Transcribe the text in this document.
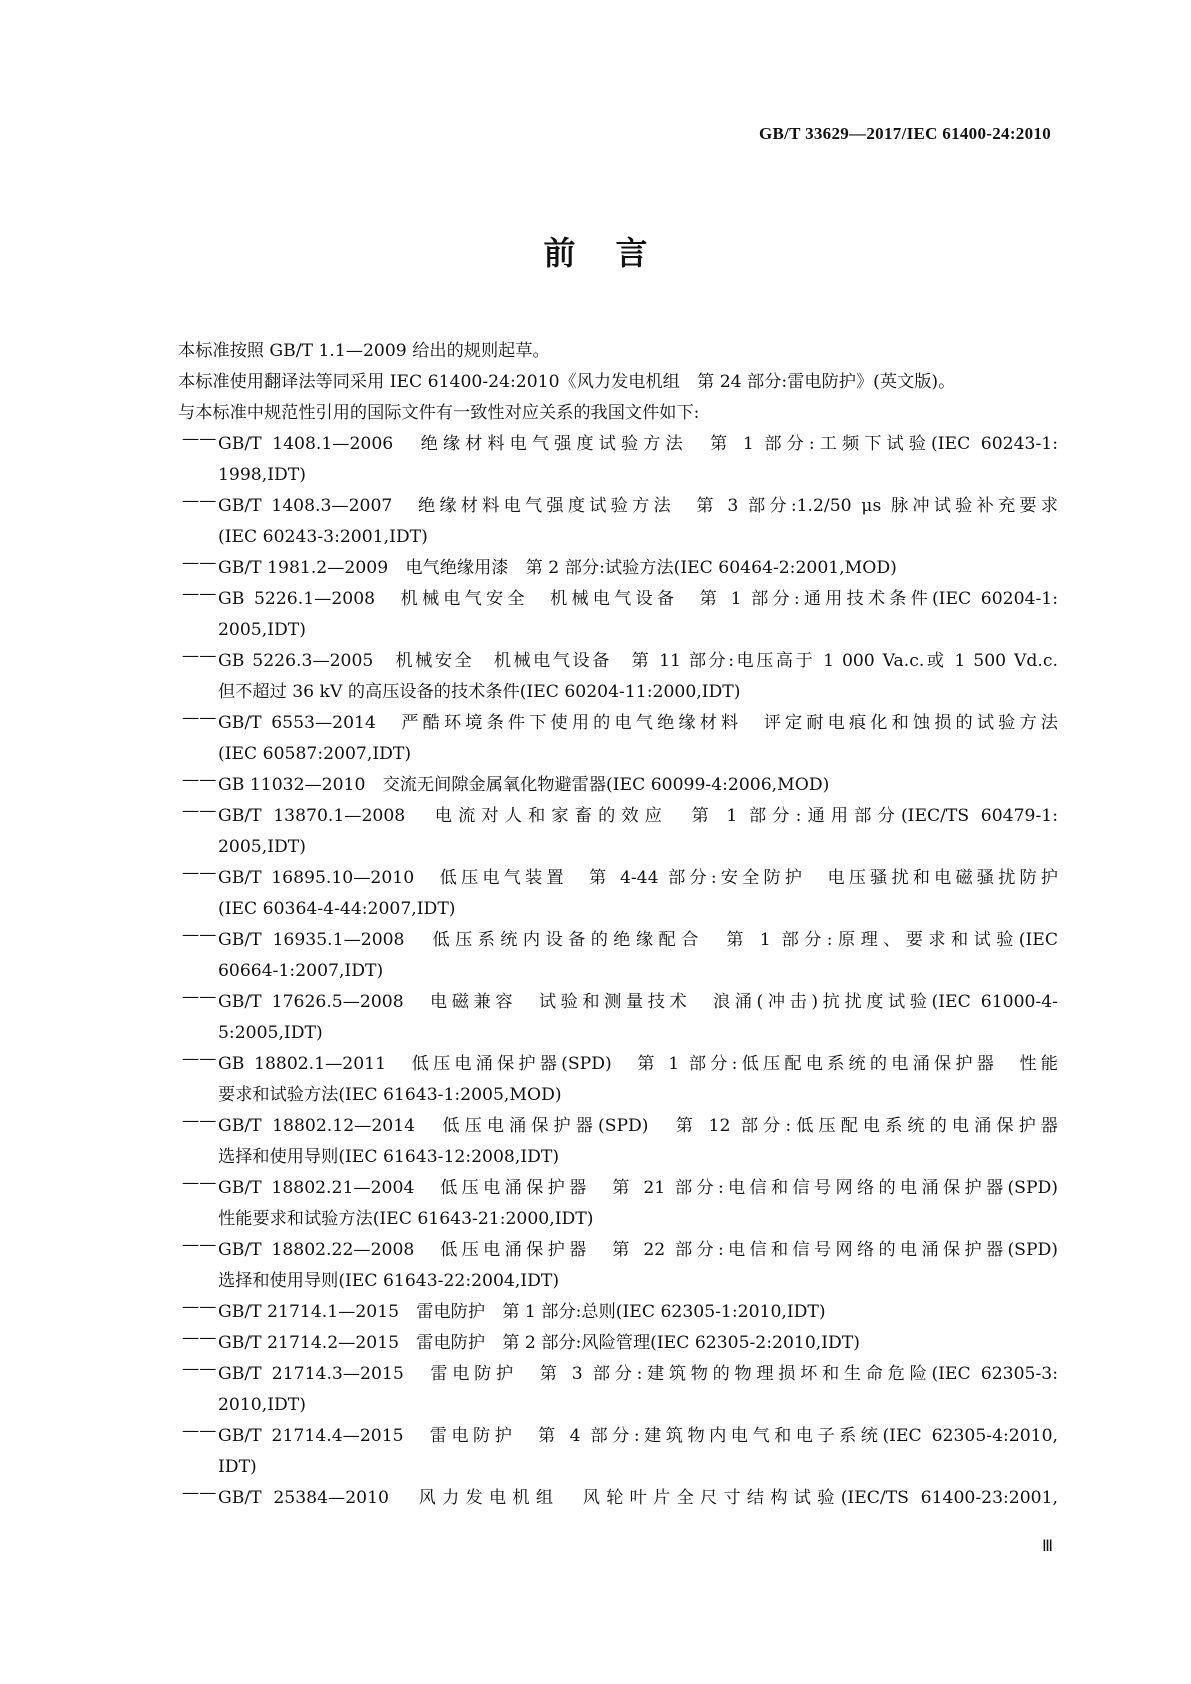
GB/T 33629—2017/IEC 61400-24:2010
前言
本标准按照 GB/T 1.1—2009 给出的规则起草。
本标准使用翻译法等同采用 IEC 61400-24:2010《风力发电机组　第 24 部分:雷电防护》(英文版)。
与本标准中规范性引用的国际文件有一致性对应关系的我国文件如下:
—— GB/T 1408.1—2006　绝缘材料电气强度试验方法　第 1 部分:工频下试验(IEC 60243-1:
1998,IDT)
—— GB/T 1408.3—2007　绝缘材料电气强度试验方法　第 3 部分:1.2/50 μs 脉冲试验补充要求
(IEC 60243-3:2001,IDT)
—— GB/T 1981.2—2009　电气绝缘用漆　第 2 部分:试验方法(IEC 60464-2:2001,MOD)
—— GB 5226.1—2008　机械电气安全　机械电气设备　第 1 部分:通用技术条件(IEC 60204-1:
2005,IDT)
—— GB 5226.3—2005　机械安全　机械电气设备　第 11 部分:电压高于 1 000 Va.c.或 1 500 Vd.c.
但不超过 36 kV 的高压设备的技术条件(IEC 60204-11:2000,IDT)
—— GB/T 6553—2014　严酷环境条件下使用的电气绝缘材料　评定耐电痕化和蚀损的试验方法
(IEC 60587:2007,IDT)
—— GB 11032—2010　交流无间隙金属氧化物避雷器(IEC 60099-4:2006,MOD)
—— GB/T 13870.1—2008　电流对人和家畜的效应　第 1 部分:通用部分(IEC/TS 60479-1:
2005,IDT)
—— GB/T 16895.10—2010　低压电气装置　第 4-44 部分:安全防护　电压骚扰和电磁骚扰防护
(IEC 60364-4-44:2007,IDT)
—— GB/T 16935.1—2008　低压系统内设备的绝缘配合　第 1 部分:原理、要求和试验(IEC
60664-1:2007,IDT)
—— GB/T 17626.5—2008　电磁兼容　试验和测量技术　浪涌(冲击)抗扰度试验(IEC 61000-4-
5:2005,IDT)
—— GB 18802.1—2011　低压电涌保护器(SPD)　第 1 部分:低压配电系统的电涌保护器　性能
要求和试验方法(IEC 61643-1:2005,MOD)
—— GB/T 18802.12—2014　低压电涌保护器(SPD)　第 12 部分:低压配电系统的电涌保护器
选择和使用导则(IEC 61643-12:2008,IDT)
—— GB/T 18802.21—2004　低压电涌保护器　第 21 部分:电信和信号网络的电涌保护器(SPD)
性能要求和试验方法(IEC 61643-21:2000,IDT)
—— GB/T 18802.22—2008　低压电涌保护器　第 22 部分:电信和信号网络的电涌保护器(SPD)
选择和使用导则(IEC 61643-22:2004,IDT)
—— GB/T 21714.1—2015　雷电防护　第 1 部分:总则(IEC 62305-1:2010,IDT)
—— GB/T 21714.2—2015　雷电防护　第 2 部分:风险管理(IEC 62305-2:2010,IDT)
—— GB/T 21714.3—2015　雷电防护　第 3 部分:建筑物的物理损坏和生命危险(IEC 62305-3:
2010,IDT)
—— GB/T 21714.4—2015　雷电防护　第 4 部分:建筑物内电气和电子系统(IEC 62305-4:2010,
IDT)
—— GB/T 25384—2010　风力发电机组　风轮叶片全尺寸结构试验(IEC/TS 61400-23:2001,
Ⅲ
